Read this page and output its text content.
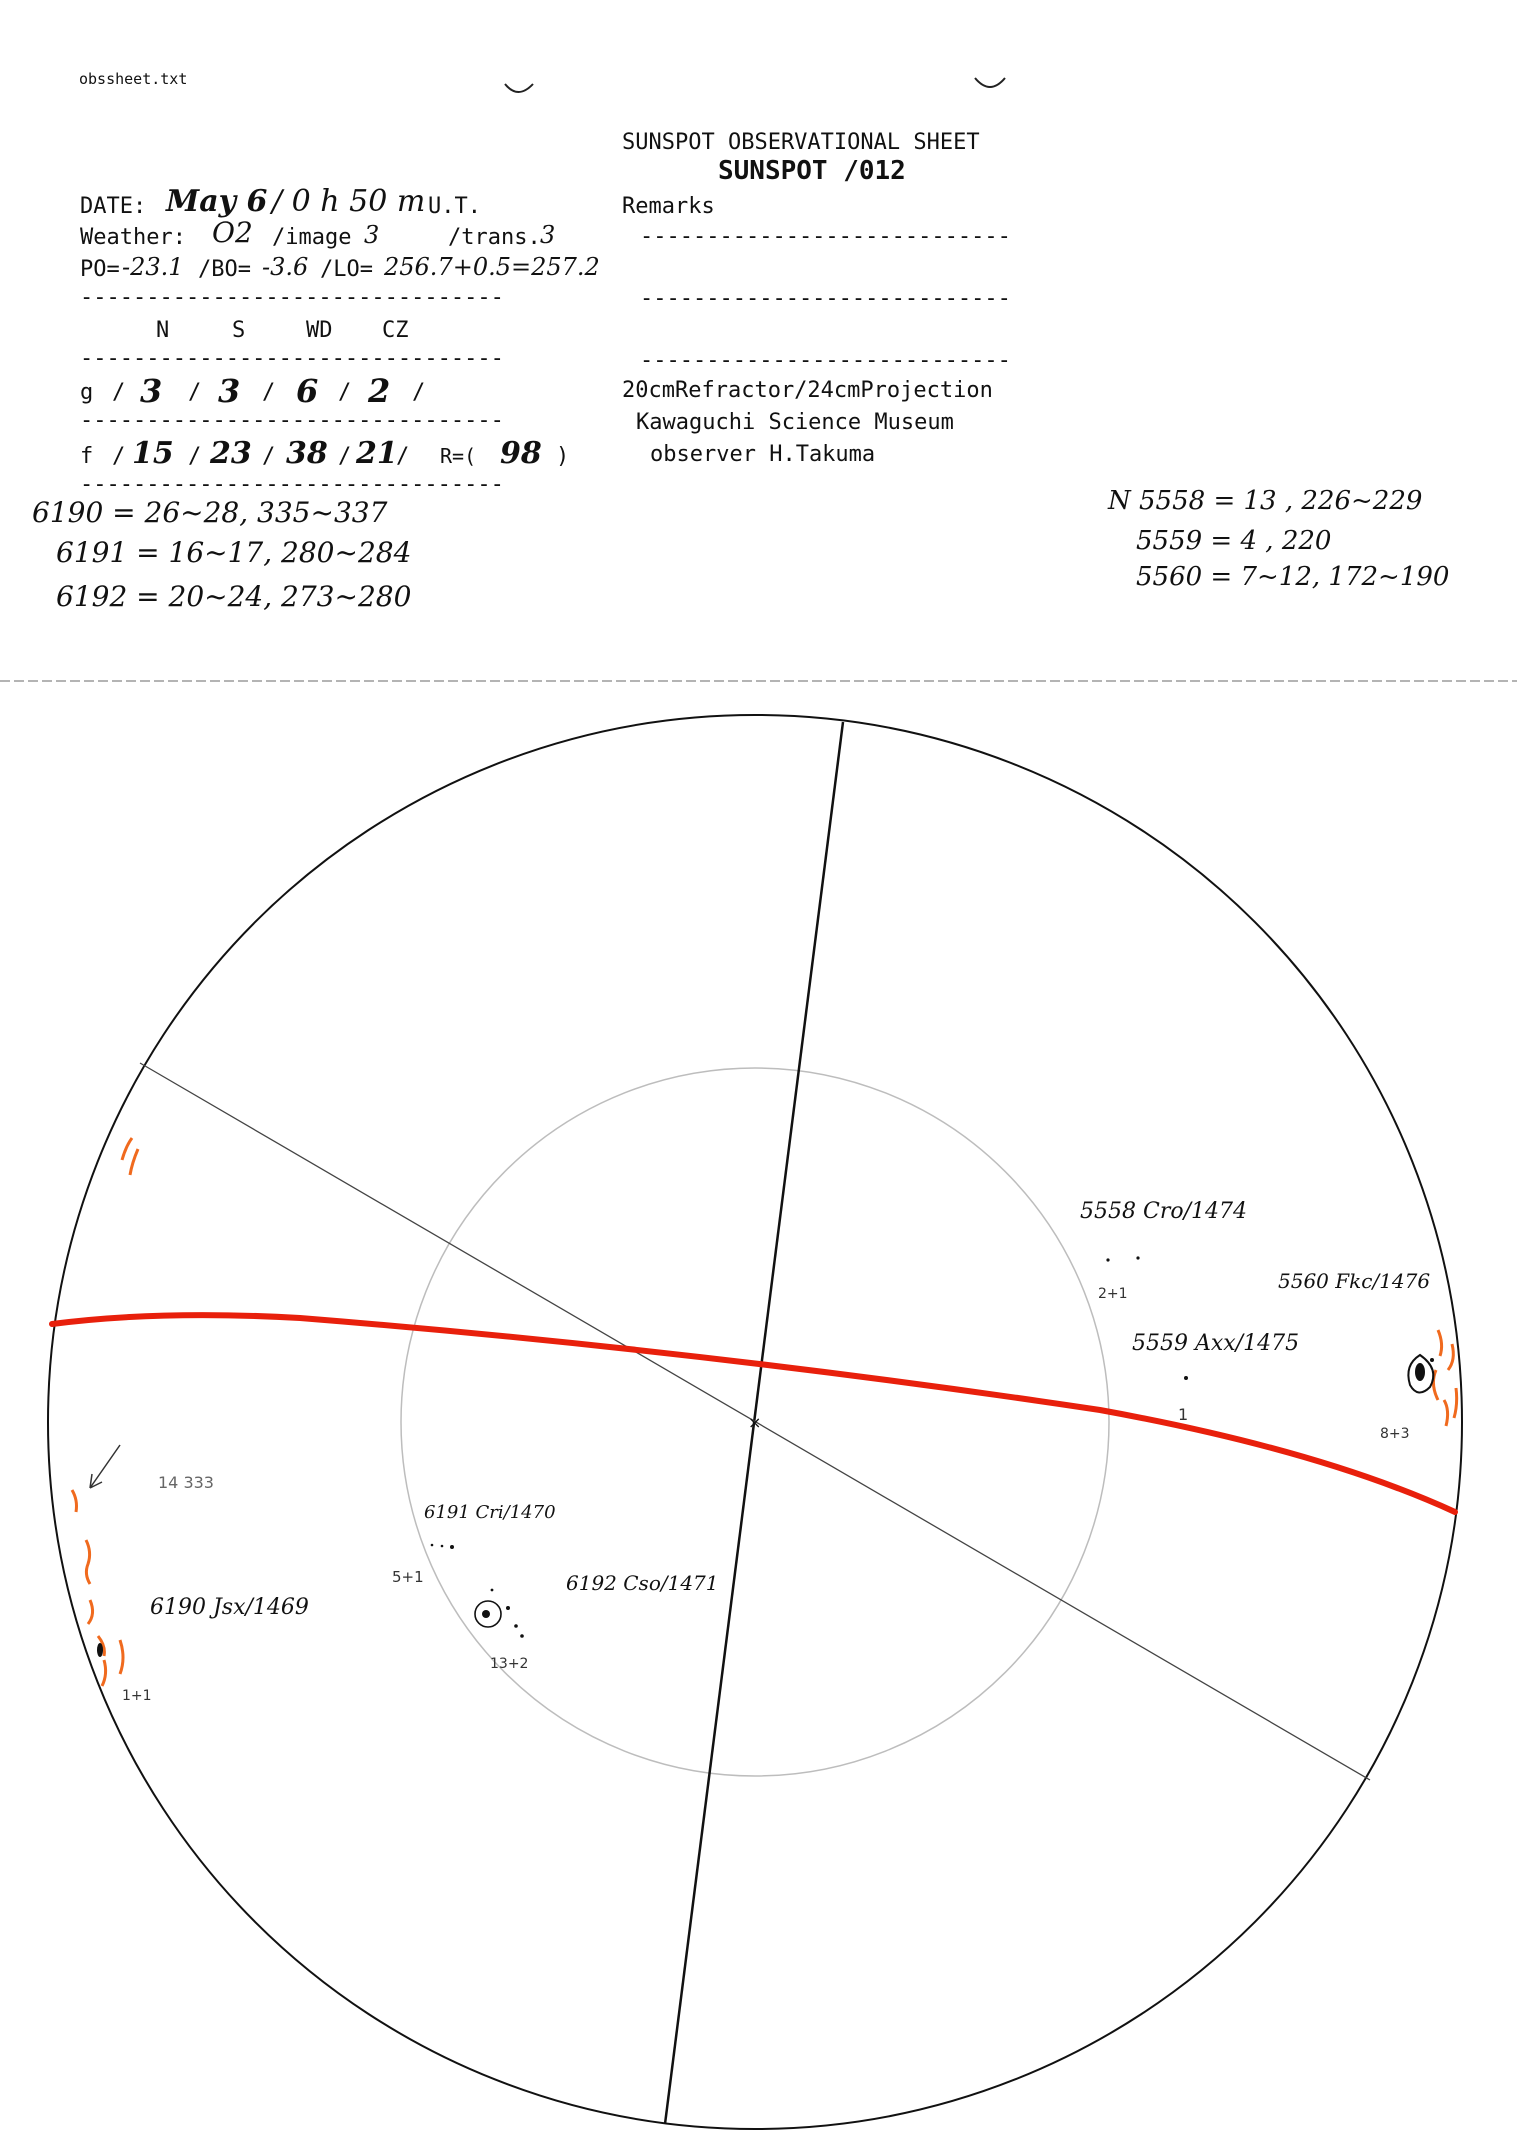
obssheet.txt
SUNSPOT OBSERVATIONAL SHEET
SUNSPOT /012
DATE: May 6 / 0 h 50 m U.T.
Weather: O2 /image 3	/trans. 3
PO= -23.1 /BO= -3.6 /LO= 256.7+0.5=257.2
--------------------------------
N	S	WD CZ
--------------------------------
g / 3 / 3 / 6 / 2 /
--------------------------------
f / 15 / 23 / 38 / 21
/ R=( 98 )
--------------------------------
Remarks
----------------------------
----------------------------
----------------------------
20cmRefractor/24cmProjection
Kawaguchi Science Museum
observer H.Takuma
6190 = 26~28, 335~337
6191 = 16~17, 280~284
6192 = 20~24, 273~280
N 5558 = 13 , 226~229
5559 = 4 , 220
5560 = 7~12, 172~190
×
5558 Cro/1474
5560 Fkc/1476
5559 Axx/1475
6191 Cri/1470
6192 Cso/1471
6190 Jsx/1469
2+1
1
8+3
5+1
13+2
1+1
14 333
